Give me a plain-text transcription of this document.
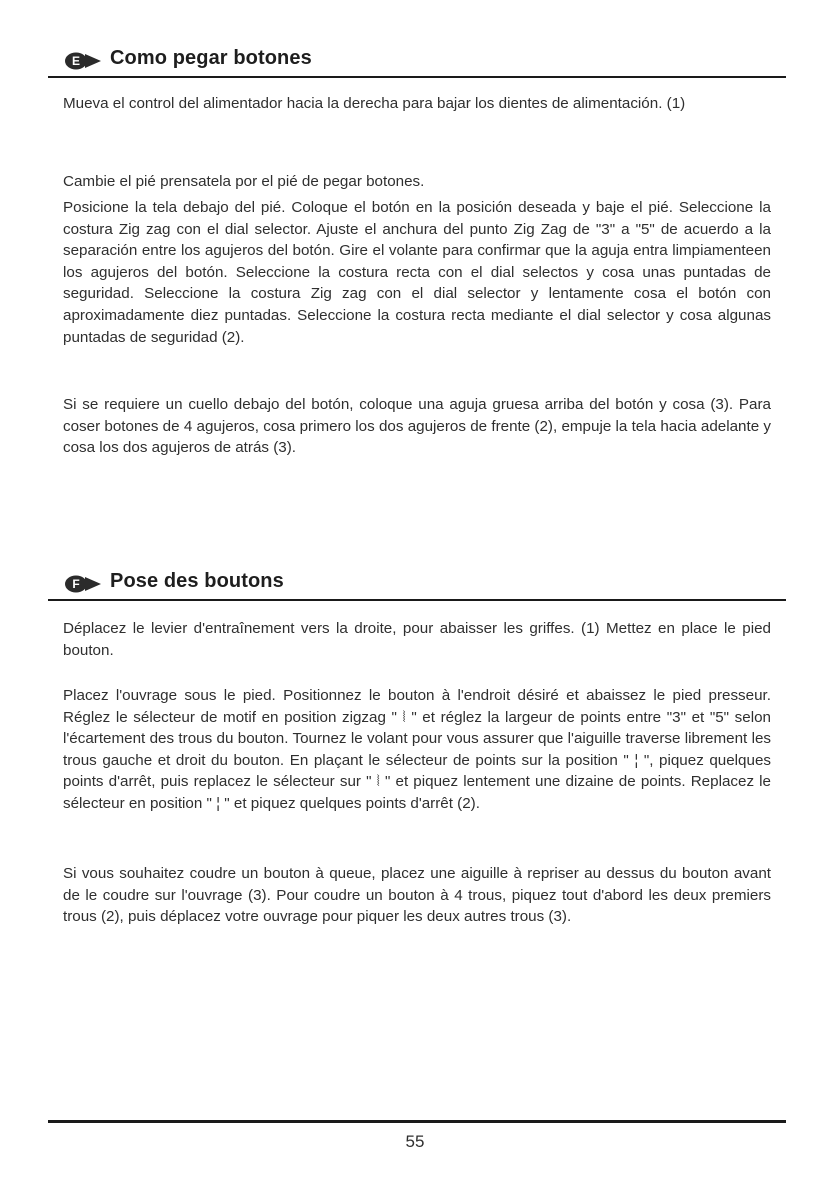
E Como pegar botones

Mueva el control del alimentador hacia la derecha para bajar los dientes de alimentación. (1)

Cambie el pié prensatela por el pié de pegar botones.

Posicione la tela debajo del pié. Coloque el botón en la posición deseada y baje el pié. Seleccione la costura Zig zag con el dial selector. Ajuste el anchura del punto Zig Zag de "3" a "5" de acuerdo a la separación entre los agujeros del botón. Gire el volante para confirmar que la aguja entra limpiamenteen los agujeros del botón. Seleccione la costura recta con el dial selectos y cosa unas puntadas de seguridad. Seleccione la costura Zig zag con el dial selector y lentamente cosa el botón con aproximadamente diez puntadas. Seleccione la costura recta mediante el dial selector y cosa algunas puntadas de seguridad (2).

Si se requiere un cuello debajo del botón, coloque una aguja gruesa arriba del botón y cosa (3). Para coser botones de 4 agujeros, cosa primero los dos agujeros de frente (2), empuje la tela hacia adelante y cosa los dos agujeros de atrás (3).

F Pose des boutons

Déplacez le levier d'entraînement vers la droite, pour abaisser les griffes. (1) Mettez en place le pied bouton.

Placez l'ouvrage sous le pied. Positionnez le bouton à l'endroit désiré et abaissez le pied presseur. Réglez le sélecteur de motif en position zigzag " ⦚ " et réglez la largeur de points entre "3" et "5" selon l'écartement des trous du bouton. Tournez le volant pour vous assurer que l'aiguille traverse librement les trous gauche et droit du bouton. En plaçant le sélecteur de points sur la position " ¦ ", piquez quelques points d'arrêt, puis replacez le sélecteur sur " ⦚ " et piquez lentement une dizaine de points. Replacez le sélecteur en position " ¦ " et piquez quelques points d'arrêt (2).

Si vous souhaitez coudre un bouton à queue, placez une aiguille à repriser au dessus du bouton avant de le coudre sur l'ouvrage (3). Pour coudre un bouton à 4 trous, piquez tout d'abord les deux premiers trous (2), puis déplacez votre ouvrage pour piquer les deux autres trous (3).

55
